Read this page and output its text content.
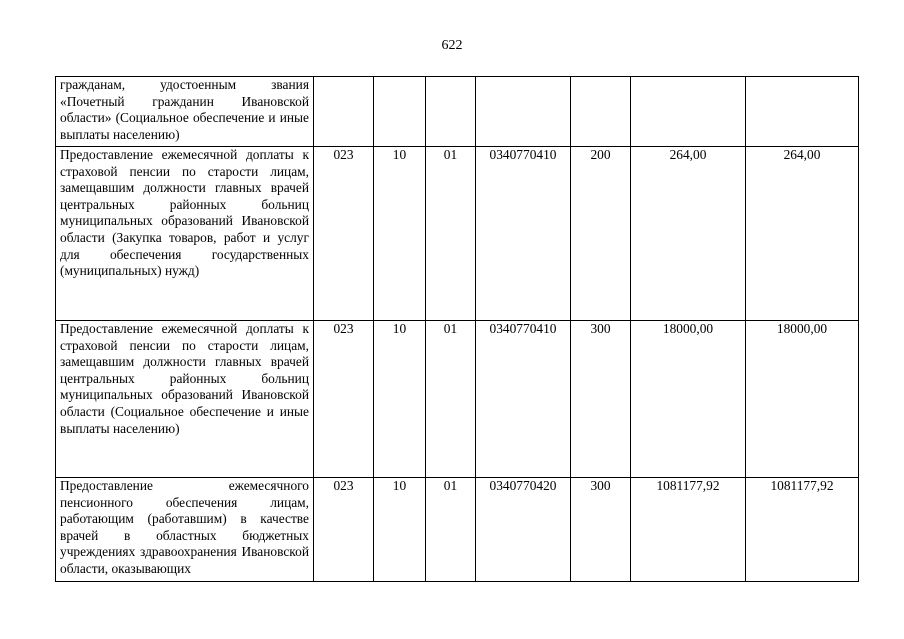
622
гражданам, удостоенным звания «Почетный гражданин Ивановской области» (Социальное обеспечение и иные выплаты населению)							
Предоставление ежемесячной доплаты к страховой пенсии по старости лицам, замещавшим должности главных врачей центральных районных больниц муниципальных образований Ивановской области (Закупка товаров, работ и услуг для обеспечения государственных (муниципальных) нужд)	023	10	01	0340770410	200	264,00	264,00
Предоставление ежемесячной доплаты к страховой пенсии по старости лицам, замещавшим должности главных врачей центральных районных больниц муниципальных образований Ивановской области (Социальное обеспечение и иные выплаты населению)	023	10	01	0340770410	300	18000,00	18000,00
Предоставление ежемесячного пенсионного обеспечения лицам, работающим (работавшим) в качестве врачей в областных бюджетных учреждениях здравоохранения Ивановской области, оказывающих	023	10	01	0340770420	300	1081177,92	1081177,92
